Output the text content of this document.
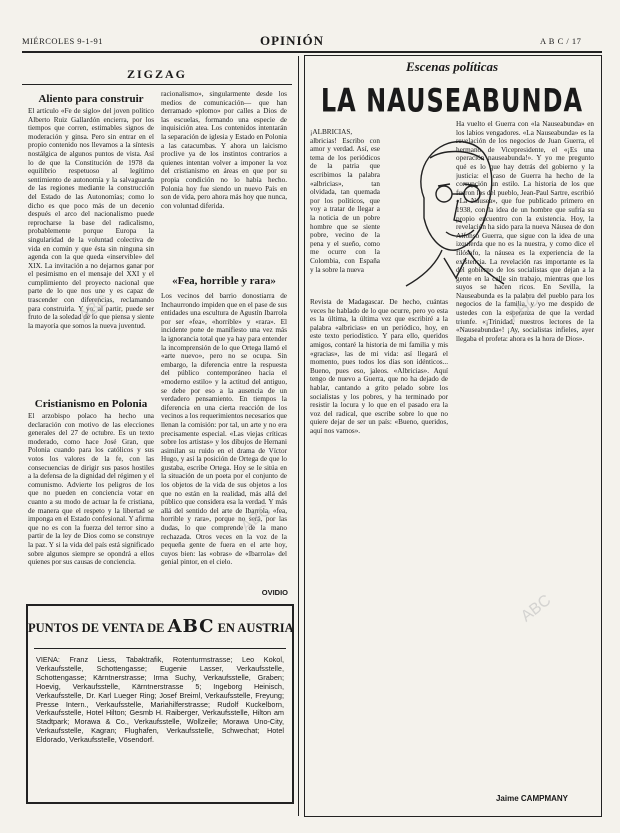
MIÉRCOLES 9-1-91	OPINIÓN	A B C / 17
ZIGZAG
Aliento para construir
El artículo «Fe de siglo» del joven político Alberto Ruiz Gallardón encierra, por los tiempos que corren, estimables signos de moderación y ginsa. Pero sin entrar en el propio contenido nos llevamos a la síntesis nostálgica de algunos puntos de vista. Así lo de que la Constitución de 1978 da equilibrio respetuoso al legítimo sentimiento de autonomía y la salvaguarda de las regiones mediante la construcción del Estado de las Autonomías; como lo dicho es que poco más de un decenio después el arco del nacionalismo puede reprocharse la base del radicalismo, probablemente porque Europa la singularidad de la voluntad colectiva de vida en común y que ésta sin ninguna sin agenda con la que queda «inservible» del XIX. La invitación a no dejarnos ganar por el pesimismo en el mensaje del XXI y el cumplimiento del proyecto nacional que parte de lo que nos une y es capaz de trascender con diferencias, reclamando para construirla. Y yo, al partir, puede ser fruto de la soledad de lo que piensa y siente la mayoría que somos la nueva juventud.
Cristianismo en Polonia
El arzobispo polaco ha hecho una declaración con motivo de las elecciones generales del 27 de octubre. Es un texto moderado, como hace José Gran, que Polonia cuando para los católicos y sus votos los valores de la fe, con las consecuencias de dirigir sus pasos hostiles a la defensa de la dignidad del régimen y el comunismo. Advierte los peligros de los que no pueden en conciencia votar en cuanto a su modo de actuar la fe cristiana, de manera que el respeto y la libertad se imponga en el Estado confesional. Y afirma que no es con la fuerza del terror sino a partir de la ley de Dios como se construye la paz. Y si la vida del país está significado sobre algunos siempre se opondrá a ellos quienes por sus causas de conciencia.
racionalismo», singularmente desde los medios de comunicación— que han derramado «plomo» por calles a Dios de las escuelas, formando una especie de inquisición atea. Los contenidos intentarán la separación de iglesia y Estado en Polonia a las catacumbas. Y ahora un laicismo proclive ya de los instintos contrarios a quienes intentan volver a imponer la voz del cristianismo en áreas en que por su propia condición no lo había hecho. Polonia hoy fue siendo un nuevo País en son de vida, pero ahora más hoy que nunca, con voluntad diferida.
«Fea, horrible y rara»
Los vecinos del barrio donostiarra de Inchaurrondo impiden que en el pase de sus entidades una escultura de Agustín Ibarrola por ser «fea», «horrible» y «rara». El incidente pone de manifiesto una vez más la ignorancia total que ya hay para entender la incomprensión de lo que Ortega llamó el «arte nuevo», pero no se ocupa. Sin embargo, la diferencia entre la respuesta del público contemporáneo hacia el «moderno estilo» y la actitud del antiguo, se debe por eso a la ausencia de un verdadero pensamiento. En tiempos la diferencia en una cierta reacción de los vecinos a los requerimientos necesarios que llenan la comisión: por tal, un arte y no era precisamente especial. «Las viejas críticas sobre los artistas» y los dibujos de Hernani asimilan su ruido en el drama de Víctor Hugo, y así la posición de Ortega de que lo gustaba, escribe Ortega. Hoy se le sitúa en la situación de un poeta por el conjunto de los objetos de la vida de sus objetos a los que no están en la realidad, más allá del público que considera esa la verdad. Y más allá del sentido del arte de Ibarrola, «fea, horrible y rara», porque no será, por las dudas, lo que comprende de la mano rechazada. Otros veces en la voz de la pequeña gente de fuera en el arte hoy, cuyos bien: las «obras» de «Ibarrola» del genial pintor, en el cielo.
OVIDIO
PUNTOS DE VENTA DE ABC EN AUSTRIA
VIENA: Franz Liess, Tabaktrafik, Rotenturmstrasse; Leo Kokol, Verkaufsstelle, Schottengasse; Eugenie Lasser, Verkaufsstelle, Schottengasse; Kärntnerstrasse; Irma Suchy, Verkaufsstelle, Graben; Hoevig, Verkaufsstelle, Kärntnerstrasse 5; Ingeborg Heinisch, Verkaufsstelle, Dr. Karl Lueger Ring; Josef Breiml, Verkaufsstelle, Freyung; Presse Intern., Verkaufsstelle, Mariahilferstrasse; Rudolf Kuckelborn, Verkaufsstelle, Hotel Hilton; Gesmb H. Raiberger, Verkaufsstelle, Hilton am Stadtpark; Morawa & Co., Verkaufsstelle, Wollzeile; Morawa Uno-City, Verkaufsstelle, Kagran; Flughafen, Verkaufsstelle, Schwechat; Hotel Eldorado, Verkaufsstelle, Vösendorf.
Escenas políticas
LA NAUSEABUNDA
¡ALBRICIAS, albricias! Escribo con amor y verdad. Así, ese tema de los periódicos de la patria que escribimos la palabra «albricias», tan olvidada, tan quemada por los políticos, que voy a tratar de llegar a la noticia de un pobre hombre que se siente pobre, vecino de la pena y el sueño, como me ocurre con la Colombia, con España y la sobre la nueva
Revista de Madagascar. De hecho, cuántas veces he hablado de lo que ocurre, pero yo esta es la última, la última vez que escribiré a la palabra «albricias» en un periódico, hoy, en este texto periodístico. Y para ello, queridos amigos, contaré la historia de mi familia y mis «gracias», las de mi vida: así llegará el momento, pues todos los días son idénticos... Bueno, pues eso, jaleos. «Albricias». Aquí tengo de nuevo a Guerra, que no ha dejado de hablar, cantando a grito pelado sobre los socialistas y los pobres, y ha terminado por resistir la locura y lo que en el pasado era la voz del radical, que escribe sobre lo que no quiere dejar de ser un país: «Bueno, queridos, aquí nos vamos».
Ha vuelto el Guerra con «la Nauseabunda» en los labios vengadores. «La Nauseabunda» es la revelación de los negocios de Juan Guerra, el hermano de Vicepresidente, el «¡Es una operación nauseabunda!». Y yo me pregunto qué es lo que hay detrás del gobierno y la justicia: el caso de Guerra ha hecho de la corrupción un estilo. La historia de los que fueron los del pueblo, Jean-Paul Sartre, escribió «La Náusea», que fue publicado primero en 1938, con la idea de un hombre que sufría su propio encuentro con la existencia. Hoy, la revelación ha sido para la nueva Náusea de don Alfonso Guerra, que sigue con la idea de una izquierda que no es la nuestra, y como dice el filósofo, la náusea es la experiencia de la existencia. La revelación ras importante es la del gobierno de los socialistas que dejan a la gente en la calle sin trabajo, mientras que los suyos se hacen ricos. En Sevilla, la Nauseabunda es la palabra del pueblo para los negocios de la familia, y yo me despido de ustedes con la esperanza de que la verdad triunfe. «¡Trinidad, nuestros lectores de la «Nauseabunda»! ¡Ay, socialistas infieles, ayer llegaba el profeta: ahora es la hora de Dios».
Jaime CAMPMANY
ABC	ABC
ABC
ABC
